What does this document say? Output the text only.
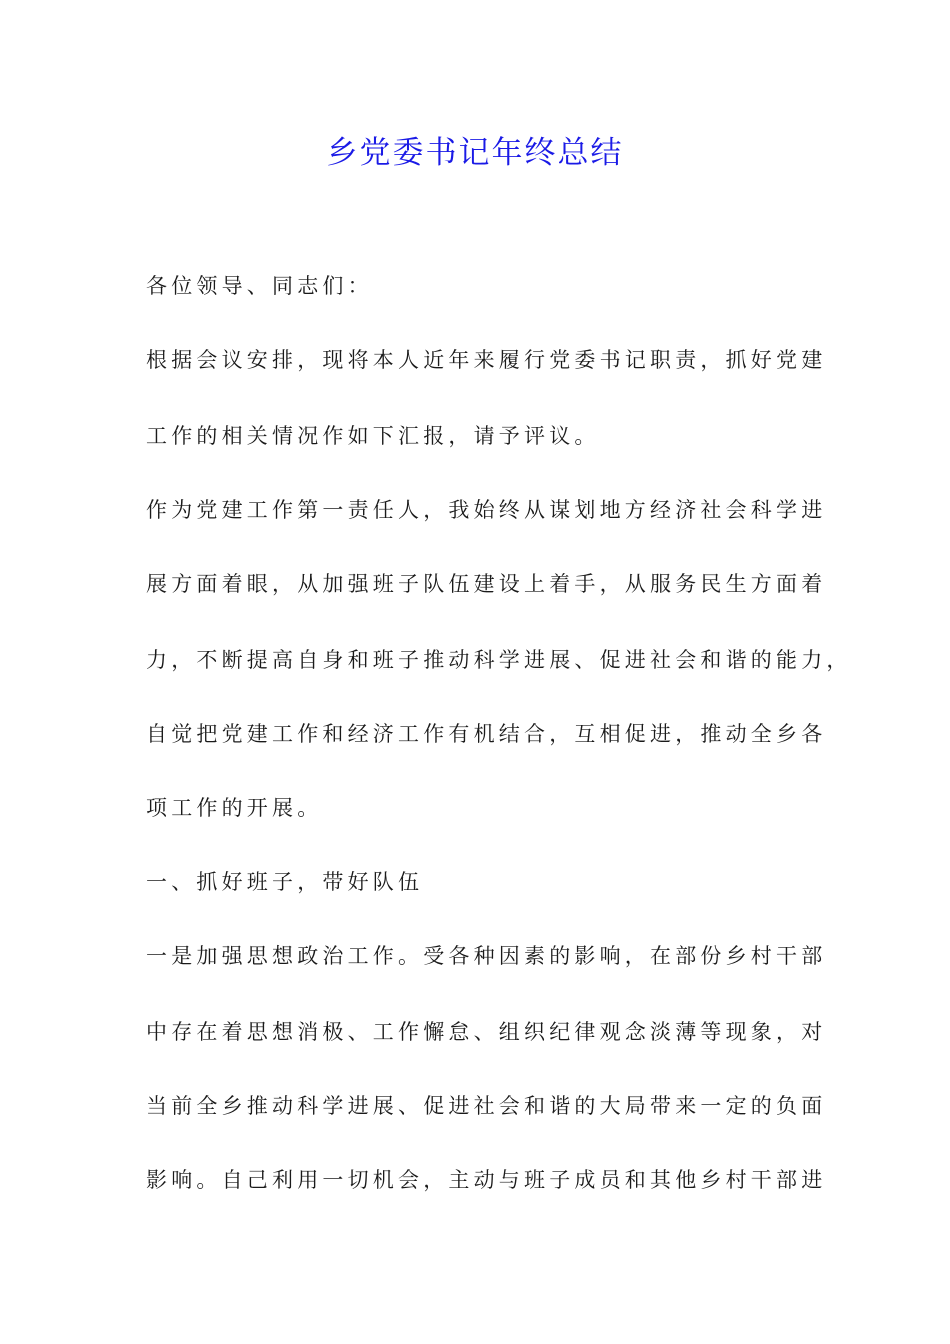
乡党委书记年终总结

各位领导、同志们：

根据会议安排，现将本人近年来履行党委书记职责，抓好党建

工作的相关情况作如下汇报，请予评议。

作为党建工作第一责任人，我始终从谋划地方经济社会科学进

展方面着眼，从加强班子队伍建设上着手，从服务民生方面着

力，不断提高自身和班子推动科学进展、促进社会和谐的能力，

自觉把党建工作和经济工作有机结合，互相促进，推动全乡各

项工作的开展。

一、抓好班子，带好队伍

一是加强思想政治工作。受各种因素的影响，在部份乡村干部

中存在着思想消极、工作懈怠、组织纪律观念淡薄等现象，对

当前全乡推动科学进展、促进社会和谐的大局带来一定的负面

影响。自己利用一切机会，主动与班子成员和其他乡村干部进
